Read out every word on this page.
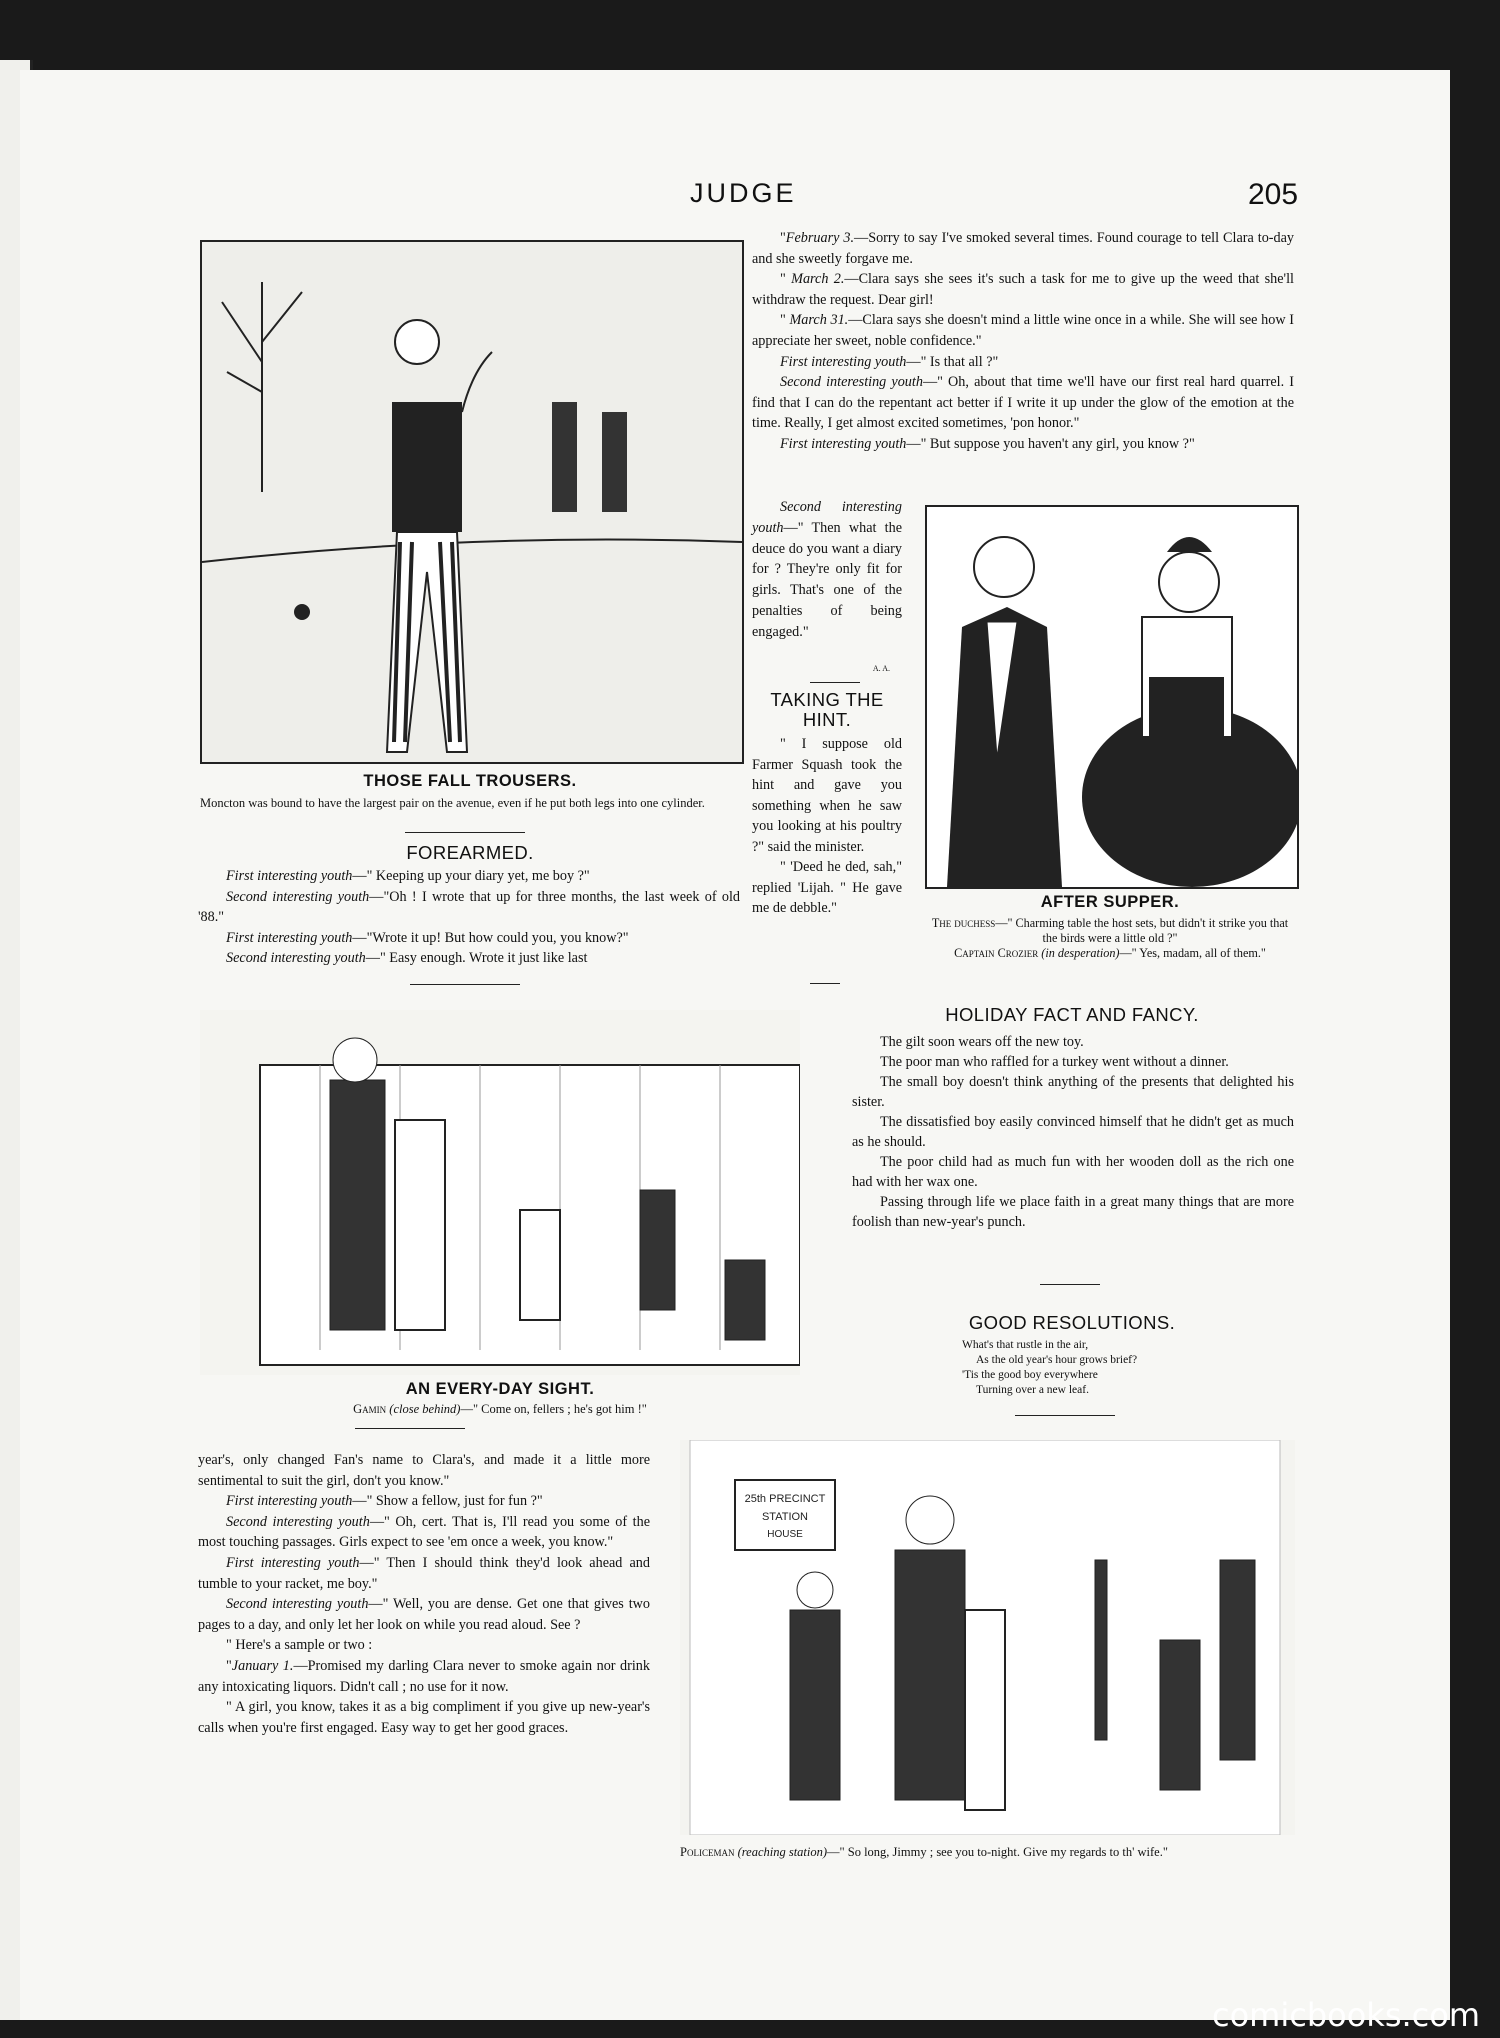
JUDGE	205
THOSE FALL TROUSERS.
Moncton was bound to have the largest pair on the avenue, even if he put both legs into one cylinder.
FOREARMED.

First interesting youth—" Keeping up your diary yet, me boy ?"

Second interesting youth—"Oh ! I wrote that up for three months, the last week of old '88."

First interesting youth—"Wrote it up! But how could you, you know?"

Second interesting youth—" Easy enough. Wrote it just like last

AN EVERY-DAY SIGHT.
Gamin (close behind)—" Come on, fellers ; he's got him !"

year's, only changed Fan's name to Clara's, and made it a little more sentimental to suit the girl, don't you know."

First interesting youth—" Show a fellow, just for fun ?"

Second interesting youth—" Oh, cert. That is, I'll read you some of the most touching passages. Girls expect to see 'em once a week, you know."

First interesting youth—" Then I should think they'd look ahead and tumble to your racket, me boy."

Second interesting youth—" Well, you are dense. Get one that gives two pages to a day, and only let her look on while you read aloud. See ?

" Here's a sample or two :

"January 1.—Promised my darling Clara never to smoke again nor drink any intoxicating liquors. Didn't call ; no use for it now.

" A girl, you know, takes it as a big compliment if you give up new-year's calls when you're first engaged. Easy way to get her good graces.

"February 3.—Sorry to say I've smoked several times. Found courage to tell Clara to-day and she sweetly forgave me.

" March 2.—Clara says she sees it's such a task for me to give up the weed that she'll withdraw the request. Dear girl!

" March 31.—Clara says she doesn't mind a little wine once in a while. She will see how I appreciate her sweet, noble confidence."

First interesting youth—" Is that all ?"

Second interesting youth—" Oh, about that time we'll have our first real hard quarrel. I find that I can do the repentant act better if I write it up under the glow of the emotion at the time. Really, I get almost excited sometimes, 'pon honor."

First interesting youth—" But suppose you haven't any girl, you know ?"

Second interesting youth—" Then what the deuce do you want a diary for ? They're only fit for girls. That's one of the penalties of being engaged."

A. A.
TAKING THE HINT.

" I suppose old Farmer Squash took the hint and gave you something when he saw you looking at his poultry ?" said the minister.

" 'Deed he ded, sah," replied 'Lijah. " He gave me de debble."	AFTER SUPPER.
The duchess—" Charming table the host sets, but didn't it strike you that the birds were a little old ?"
Captain Crozier (in desperation)—" Yes, madam, all of them."
HOLIDAY FACT AND FANCY.

The gilt soon wears off the new toy.

The poor man who raffled for a turkey went without a dinner.

The small boy doesn't think anything of the presents that delighted his sister.

The dissatisfied boy easily convinced himself that he didn't get as much as he should.

The poor child had as much fun with her wooden doll as the rich one had with her wax one.

Passing through life we place faith in a great many things that are more foolish than new-year's punch.

GOOD RESOLUTIONS.
What's that rustle in the air,
As the old year's hour grows brief?
'Tis the good boy everywhere
Turning over a new leaf.
25th PRECINCT
STATION
HOUSE
Policeman (reaching station)—" So long, Jimmy ; see you to-night. Give my regards to th' wife."
comicbooks.com
